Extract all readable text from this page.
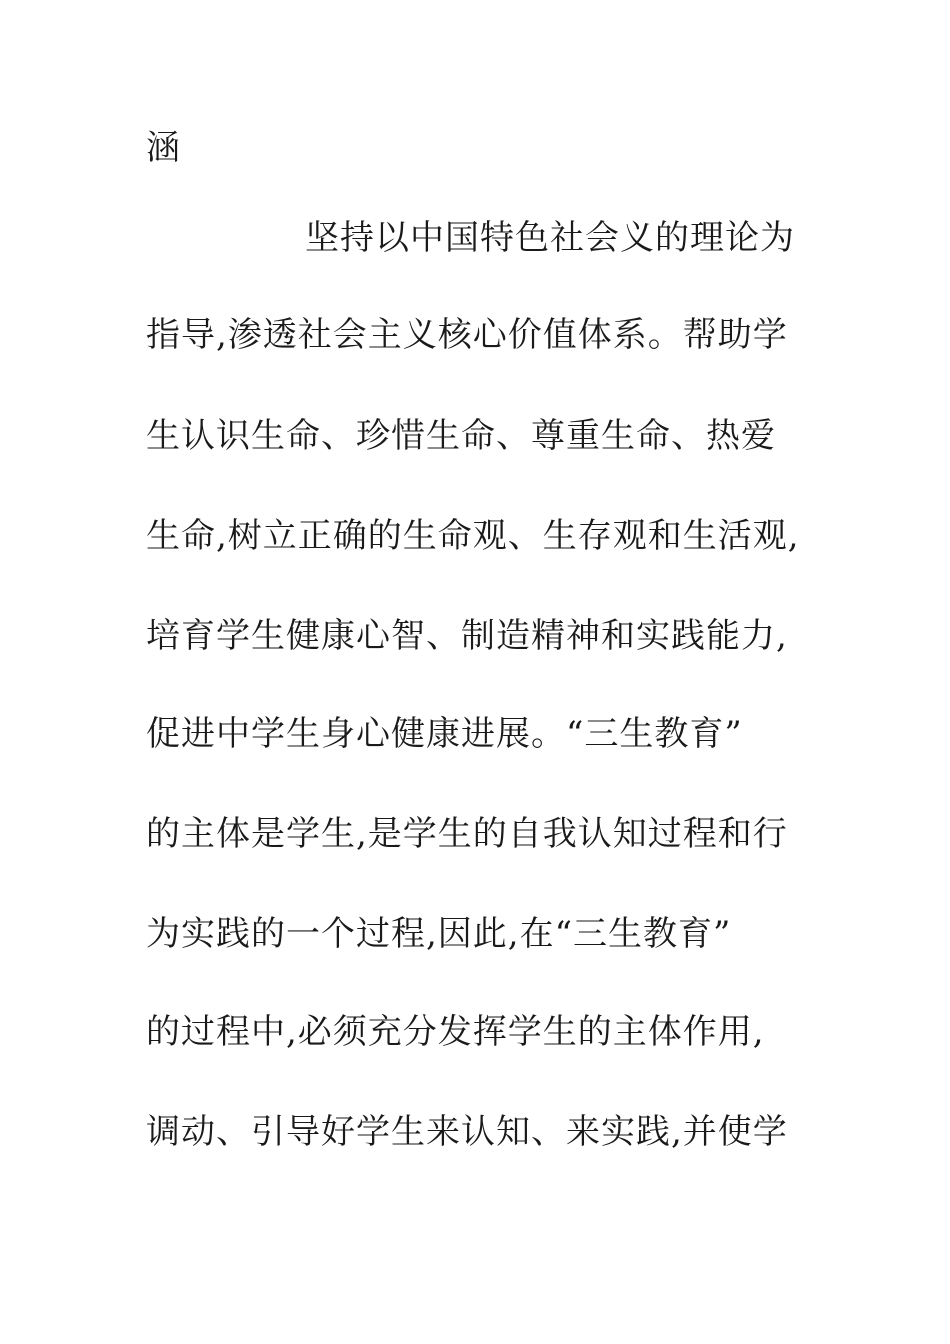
涵

坚持以中国特色社会义的理论为

指导,渗透社会主义核心价值体系。帮助学

生认识生命、珍惜生命、尊重生命、热爱

生命,树立正确的生命观、生存观和生活观,

培育学生健康心智、制造精神和实践能力,

促进中学生身心健康进展。“三生教育”

的主体是学生,是学生的自我认知过程和行

为实践的一个过程,因此,在“三生教育”

的过程中,必须充分发挥学生的主体作用,

调动、引导好学生来认知、来实践,并使学
